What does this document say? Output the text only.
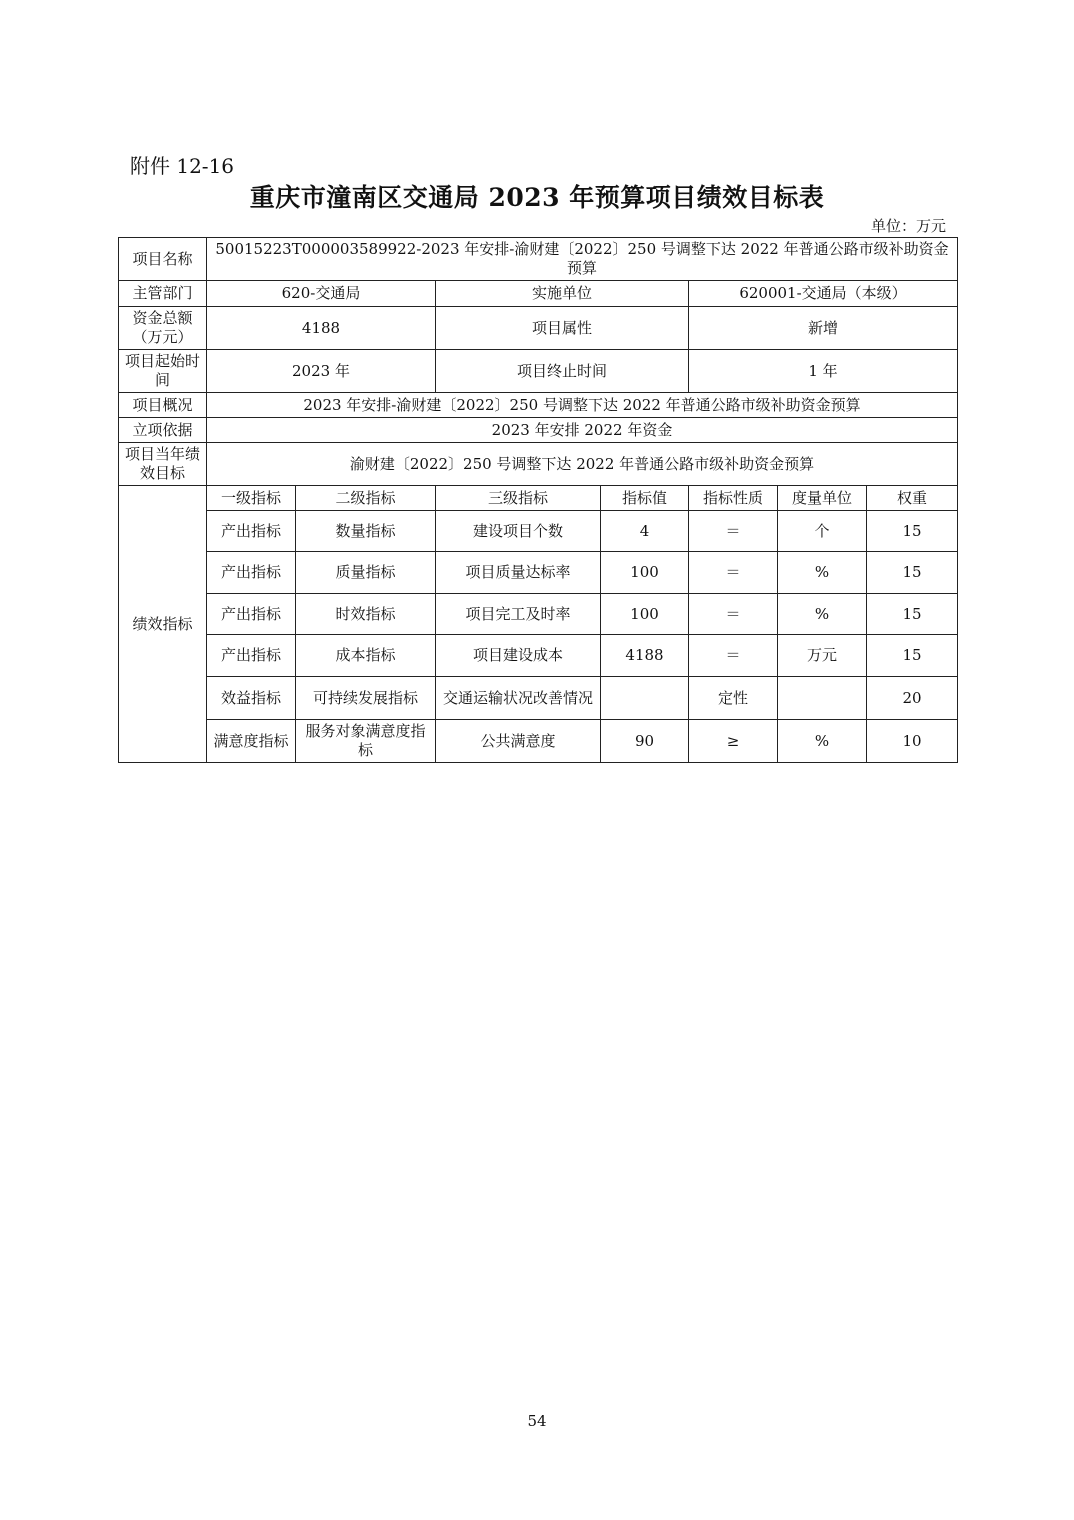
附件 12-16
重庆市潼南区交通局 2023 年预算项目绩效目标表
单位：万元
项目名称	50015223T000003589922-2023 年安排-渝财建〔2022〕250 号调整下达 2022 年普通公路市级补助资金预算						
主管部门	620-交通局		实施单位		620001-交通局（本级）		
资金总额（万元）	4188		项目属性		新增		
项目起始时间	2023 年		项目终止时间		1 年		
项目概况	2023 年安排-渝财建〔2022〕250 号调整下达 2022 年普通公路市级补助资金预算						
立项依据	2023 年安排 2022 年资金						
项目当年绩效目标	渝财建〔2022〕250 号调整下达 2022 年普通公路市级补助资金预算						
绩效指标	一级指标	二级指标	三级指标	指标值	指标性质	度量单位	权重
	产出指标	数量指标	建设项目个数	4	＝	个	15
	产出指标	质量指标	项目质量达标率	100	＝	%	15
	产出指标	时效指标	项目完工及时率	100	＝	%	15
	产出指标	成本指标	项目建设成本	4188	＝	万元	15
	效益指标	可持续发展指标	交通运输状况改善情况		定性		20
	满意度指标	服务对象满意度指标	公共满意度	90	≥	%	10
54
